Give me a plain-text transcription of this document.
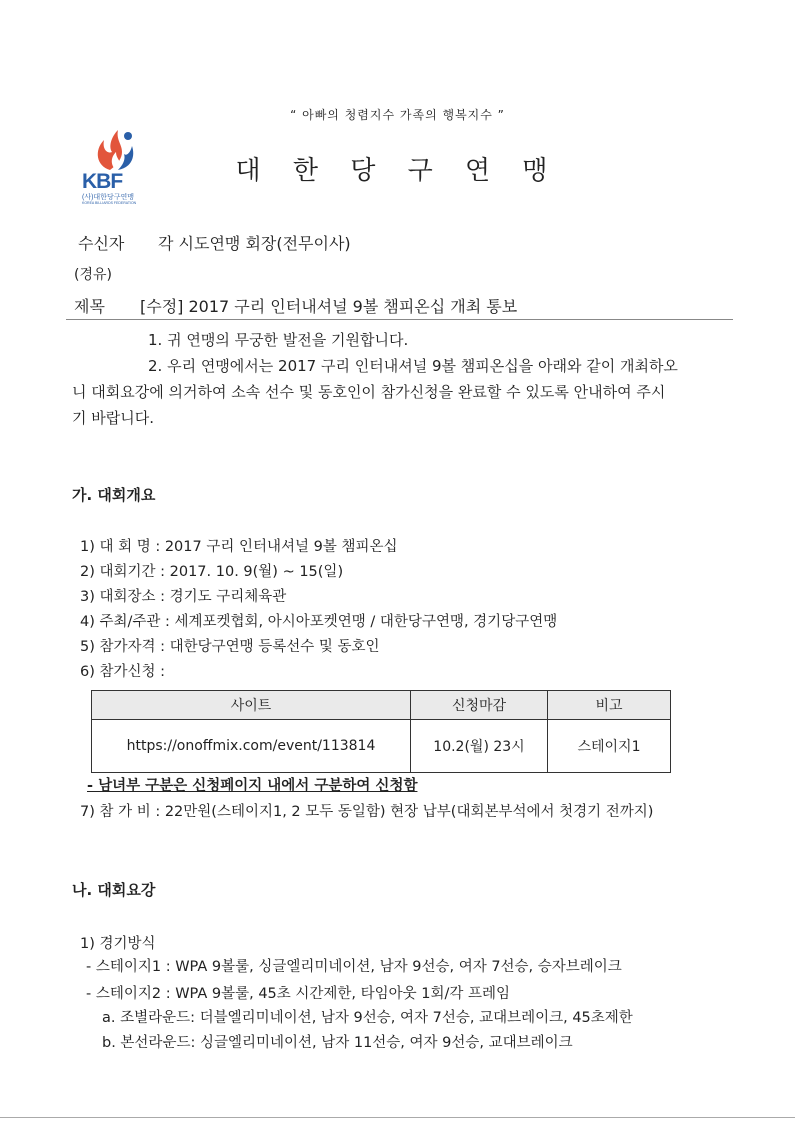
“ 아빠의 청렴지수 가족의 행복지수 ”
KBF
(사)대한당구연맹
KOREA BILLIARDS FEDERATION
대 한 당 구 연 맹
수신자 각 시도연맹 회장(전무이사)
(경유)
제목 [수정] 2017 구리 인터내셔널 9볼 챔피온십 개최 통보
1. 귀 연맹의 무궁한 발전을 기원합니다.
2. 우리 연맹에서는 2017 구리 인터내셔널 9볼 챔피온십을 아래와 같이 개최하오
니 대회요강에 의거하여 소속 선수 및 동호인이 참가신청을 완료할 수 있도록 안내하여 주시
기 바랍니다.
가. 대회개요
1) 대 회 명 : 2017 구리 인터내셔널 9볼 챔피온십
2) 대회기간 : 2017. 10. 9(월) ~ 15(일)
3) 대회장소 : 경기도 구리체육관
4) 주최/주관 : 세계포켓협회, 아시아포켓연맹 / 대한당구연맹, 경기당구연맹
5) 참가자격 : 대한당구연맹 등록선수 및 동호인
6) 참가신청 :
사이트	신청마감	비고
https://onoffmix.com/event/113814	10.2(월) 23시	스테이지1
- 남녀부 구분은 신청페이지 내에서 구분하여 신청함
7) 참 가 비 : 22만원(스테이지1, 2 모두 동일함) 현장 납부(대회본부석에서 첫경기 전까지)
나. 대회요강
1) 경기방식
- 스테이지1 : WPA 9볼룰, 싱글엘리미네이션, 남자 9선승, 여자 7선승, 승자브레이크
- 스테이지2 : WPA 9볼룰, 45초 시간제한, 타임아웃 1회/각 프레임
a. 조별라운드: 더블엘리미네이션, 남자 9선승, 여자 7선승, 교대브레이크, 45초제한
b. 본선라운드: 싱글엘리미네이션, 남자 11선승, 여자 9선승, 교대브레이크
